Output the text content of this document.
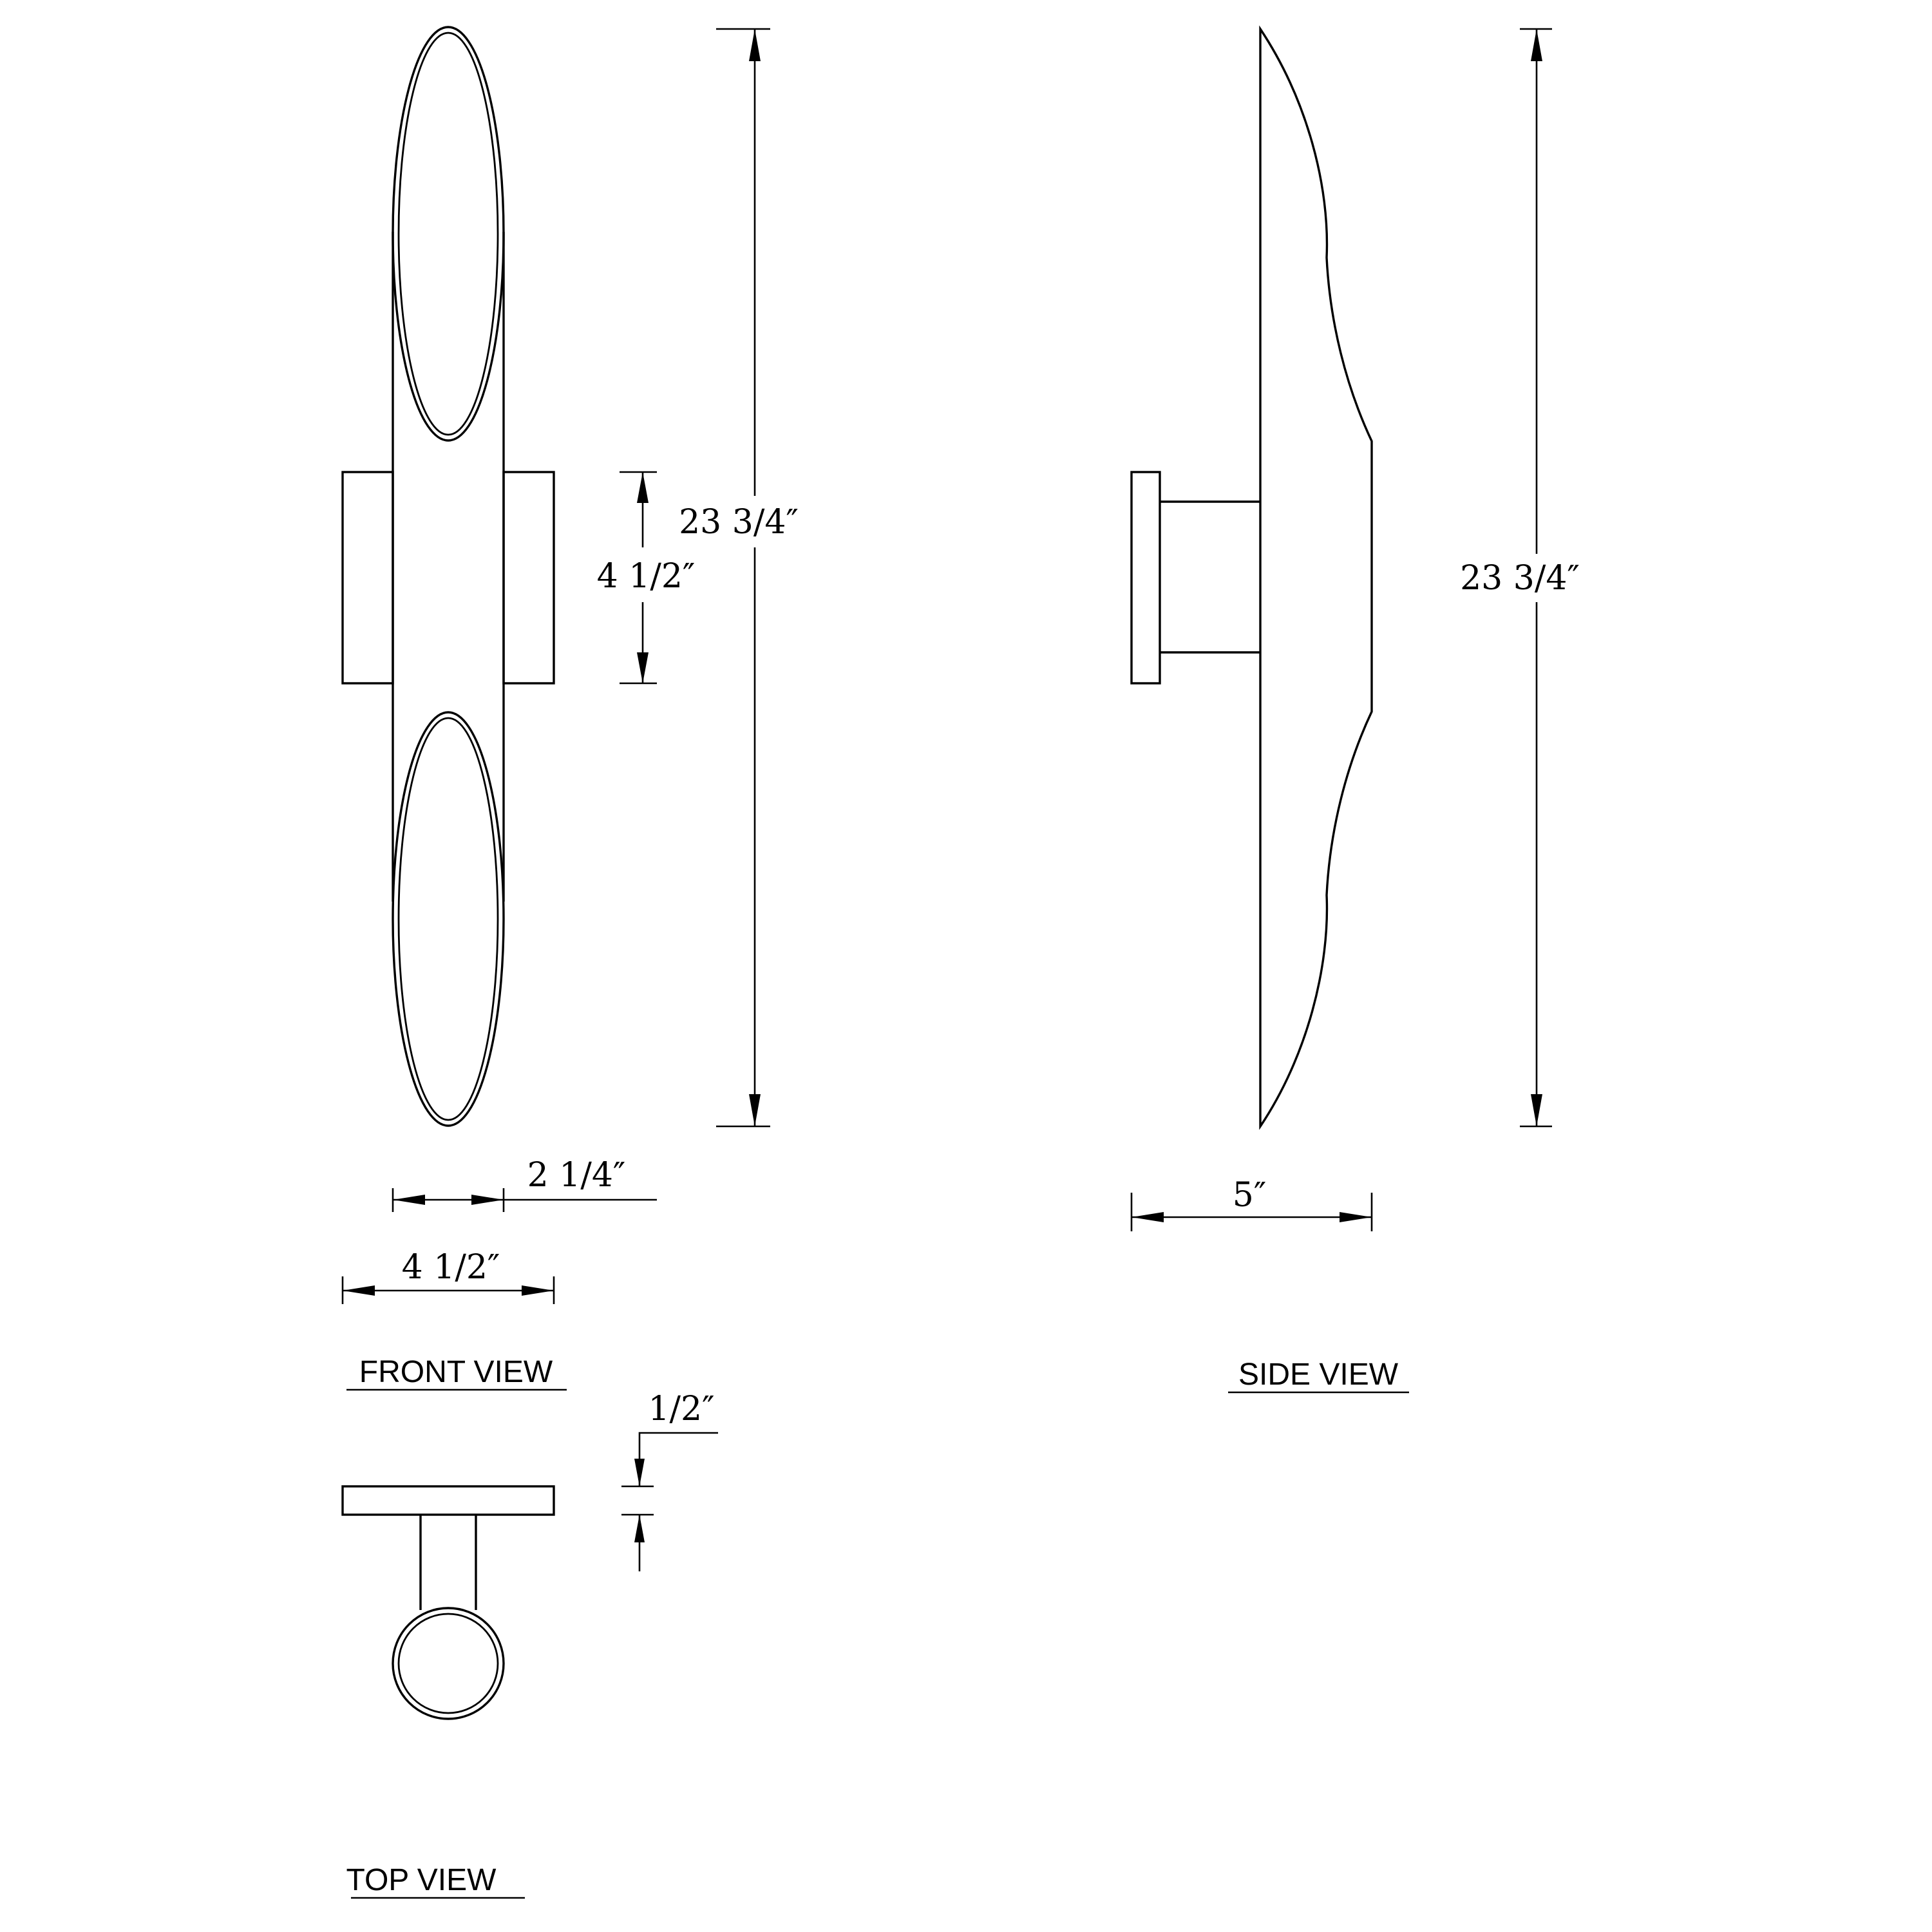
23 3/4″
4 1/2″
2 1/4″
4 1/2″
FRONT VIEW
23 3/4″
5″
SIDE VIEW
1/2″
TOP VIEW
